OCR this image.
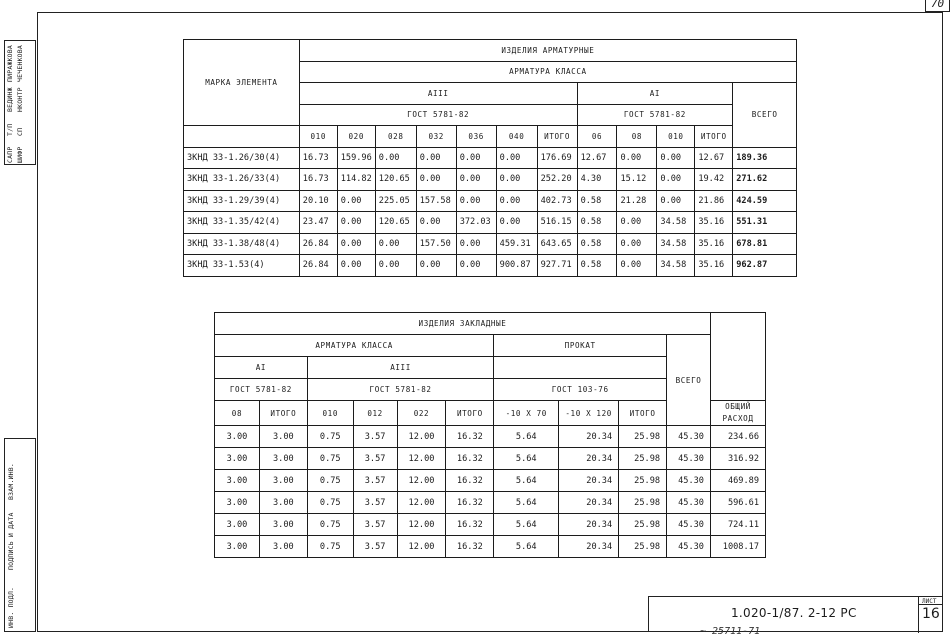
70
САПР
Т/П
ВЕДИНЖ
ПИРАЖКОВА
ШИФР
СП
НКОНТР
ЧЕЧЕНКОВА
ВЗАМ.ИНВ.
ПОДПИСЬ И ДАТА
ИНВ. ПОДЛ.
МАРКА ЭЛЕМЕНТА	ИЗДЕЛИЯ АРМАТУРНЫЕ											
	АРМАТУРА КЛАССА											
	AIII							AI				ВСЕГО
	ГОСТ 5781-82							ГОСТ 5781-82				
	010	020	028	032	036	040	ИТОГО	06	08	010	ИТОГО	
ЗКНД 33-1.26/30(4)	16.73	159.96	0.00	0.00	0.00	0.00	176.69	12.67	0.00	0.00	12.67	189.36
ЗКНД 33-1.26/33(4)	16.73	114.82	120.65	0.00	0.00	0.00	252.20	4.30	15.12	0.00	19.42	271.62
ЗКНД 33-1.29/39(4)	20.10	0.00	225.05	157.58	0.00	0.00	402.73	0.58	21.28	0.00	21.86	424.59
ЗКНД 33-1.35/42(4)	23.47	0.00	120.65	0.00	372.03	0.00	516.15	0.58	0.00	34.58	35.16	551.31
ЗКНД 33-1.38/48(4)	26.84	0.00	0.00	157.50	0.00	459.31	643.65	0.58	0.00	34.58	35.16	678.81
ЗКНД 33-1.53(4)	26.84	0.00	0.00	0.00	0.00	900.87	927.71	0.58	0.00	34.58	35.16	962.87
ИЗДЕЛИЯ ЗАКЛАДНЫЕ										
АРМАТУРА КЛАССА						ПРОКАТ			ВСЕГО	
AI		AIII								
ГОСТ 5781-82		ГОСТ 5781-82				ГОСТ 103-76				
08	ИТОГО	010	012	022	ИТОГО	-10 X 70	-10 X 120	ИТОГО		ОБЩИЙ
РАСХОД

3.00	3.00	0.75	3.57	12.00	16.32	5.64	20.34	25.98	45.30	234.66
3.00	3.00	0.75	3.57	12.00	16.32	5.64	20.34	25.98	45.30	316.92
3.00	3.00	0.75	3.57	12.00	16.32	5.64	20.34	25.98	45.30	469.89
3.00	3.00	0.75	3.57	12.00	16.32	5.64	20.34	25.98	45.30	596.61
3.00	3.00	0.75	3.57	12.00	16.32	5.64	20.34	25.98	45.30	724.11
3.00	3.00	0.75	3.57	12.00	16.32	5.64	20.34	25.98	45.30	1008.17
1.020-1/87. 2-12 РС
ЛИСТ
16
~ 25711-71
